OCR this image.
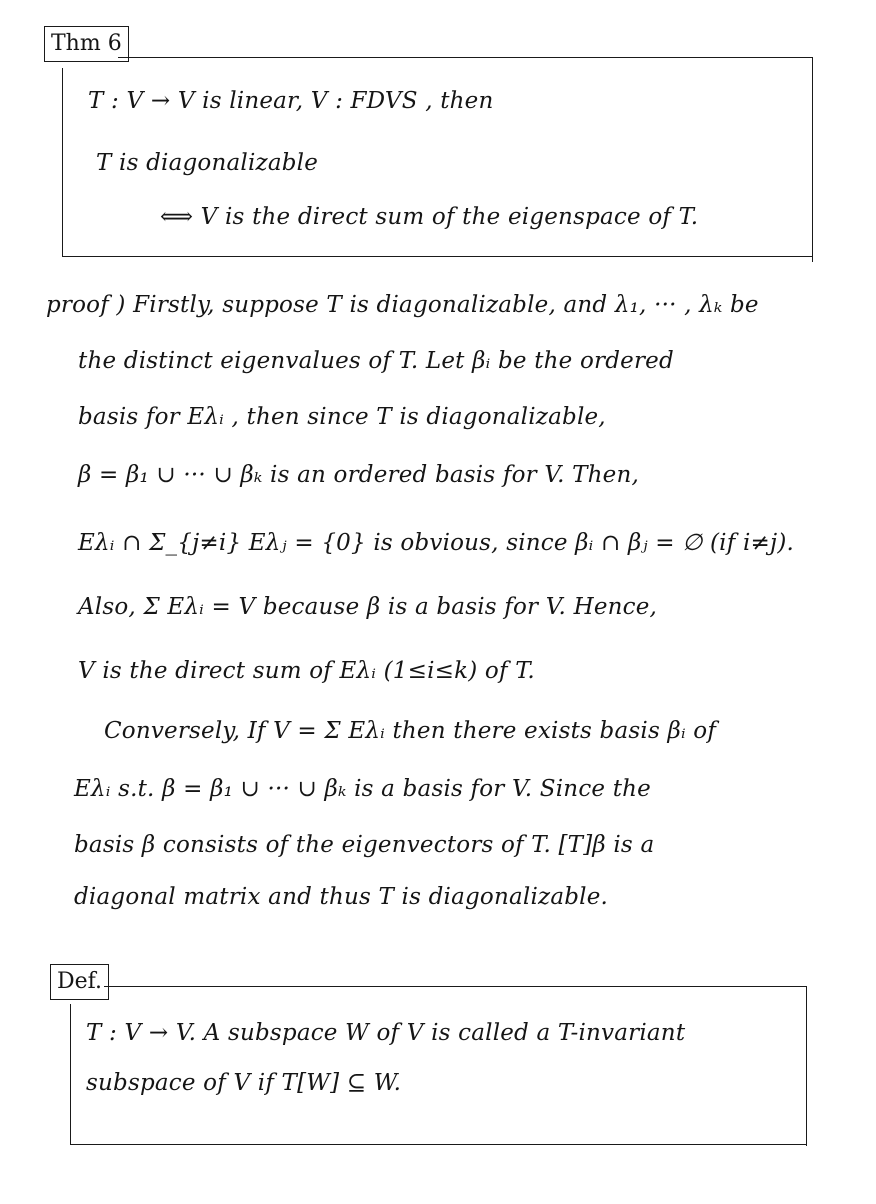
Thm 6
T : V → V is linear, V : FDVS , then
T is diagonalizable
⟺ V is the direct sum of the eigenspace of T.
proof ) Firstly, suppose T is diagonalizable, and λ₁, ··· , λₖ be
the distinct eigenvalues of T. Let βᵢ be the ordered
basis for Eλᵢ , then since T is diagonalizable,
β = β₁ ∪ ··· ∪ βₖ is an ordered basis for V. Then,
Eλᵢ ∩ Σ_{j≠i} Eλⱼ = {0} is obvious, since βᵢ ∩ βⱼ = ∅ (if i≠j).
Also, Σ Eλᵢ = V because β is a basis for V. Hence,
V is the direct sum of Eλᵢ (1≤i≤k) of T.
Conversely, If V = Σ Eλᵢ then there exists basis βᵢ of
Eλᵢ s.t. β = β₁ ∪ ··· ∪ βₖ is a basis for V. Since the
basis β consists of the eigenvectors of T. [T]β is a
diagonal matrix and thus T is diagonalizable.
Def.
T : V → V. A subspace W of V is called a T-invariant
subspace of V if T[W] ⊆ W.
